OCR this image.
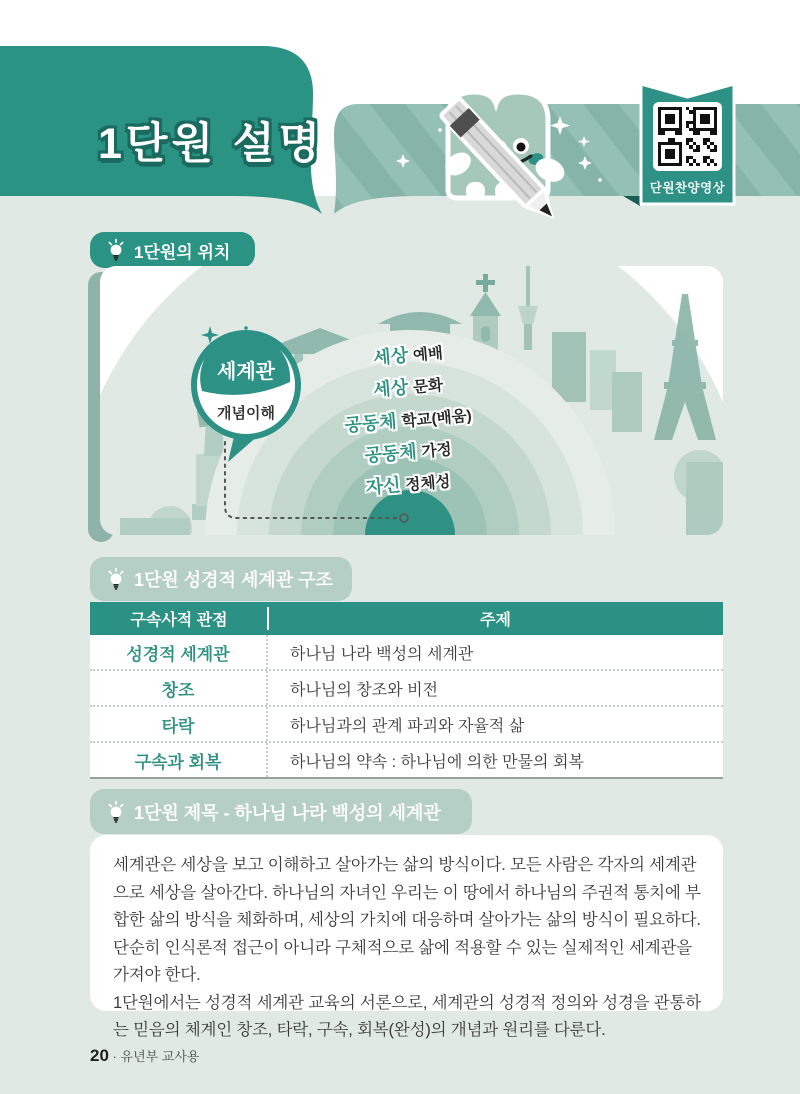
1단원 설명
단원찬양영상
1단원의 위치
세계관
개념이해
세상 예배
세상 문화
공동체 학교(배움)
공동체 가정
자신 정체성
1단원 성경적 세계관 구조
구속사적 관점	주제
성경적 세계관	하나님 나라 백성의 세계관
창조	하나님의 창조와 비전
타락	하나님과의 관계 파괴와 자율적 삶
구속과 회복	하나님의 약속 : 하나님에 의한 만물의 회복
1단원 제목 - 하나님 나라 백성의 세계관

세계관은 세상을 보고 이해하고 살아가는 삶의 방식이다. 모든 사람은 각자의 세계관으로 세상을 살아간다. 하나님의 자녀인 우리는 이 땅에서 하나님의 주권적 통치에 부합한 삶의 방식을 체화하며, 세상의 가치에 대응하며 살아가는 삶의 방식이 필요하다. 단순히 인식론적 접근이 아니라 구체적으로 삶에 적용할 수 있는 실제적인 세계관을 가져야 한다.

1단원에서는 성경적 세계관 교육의 서론으로, 세계관의 성경적 정의와 성경을 관통하는 믿음의 체계인 창조, 타락, 구속, 회복(완성)의 개념과 원리를 다룬다.

20 · 유년부 교사용
